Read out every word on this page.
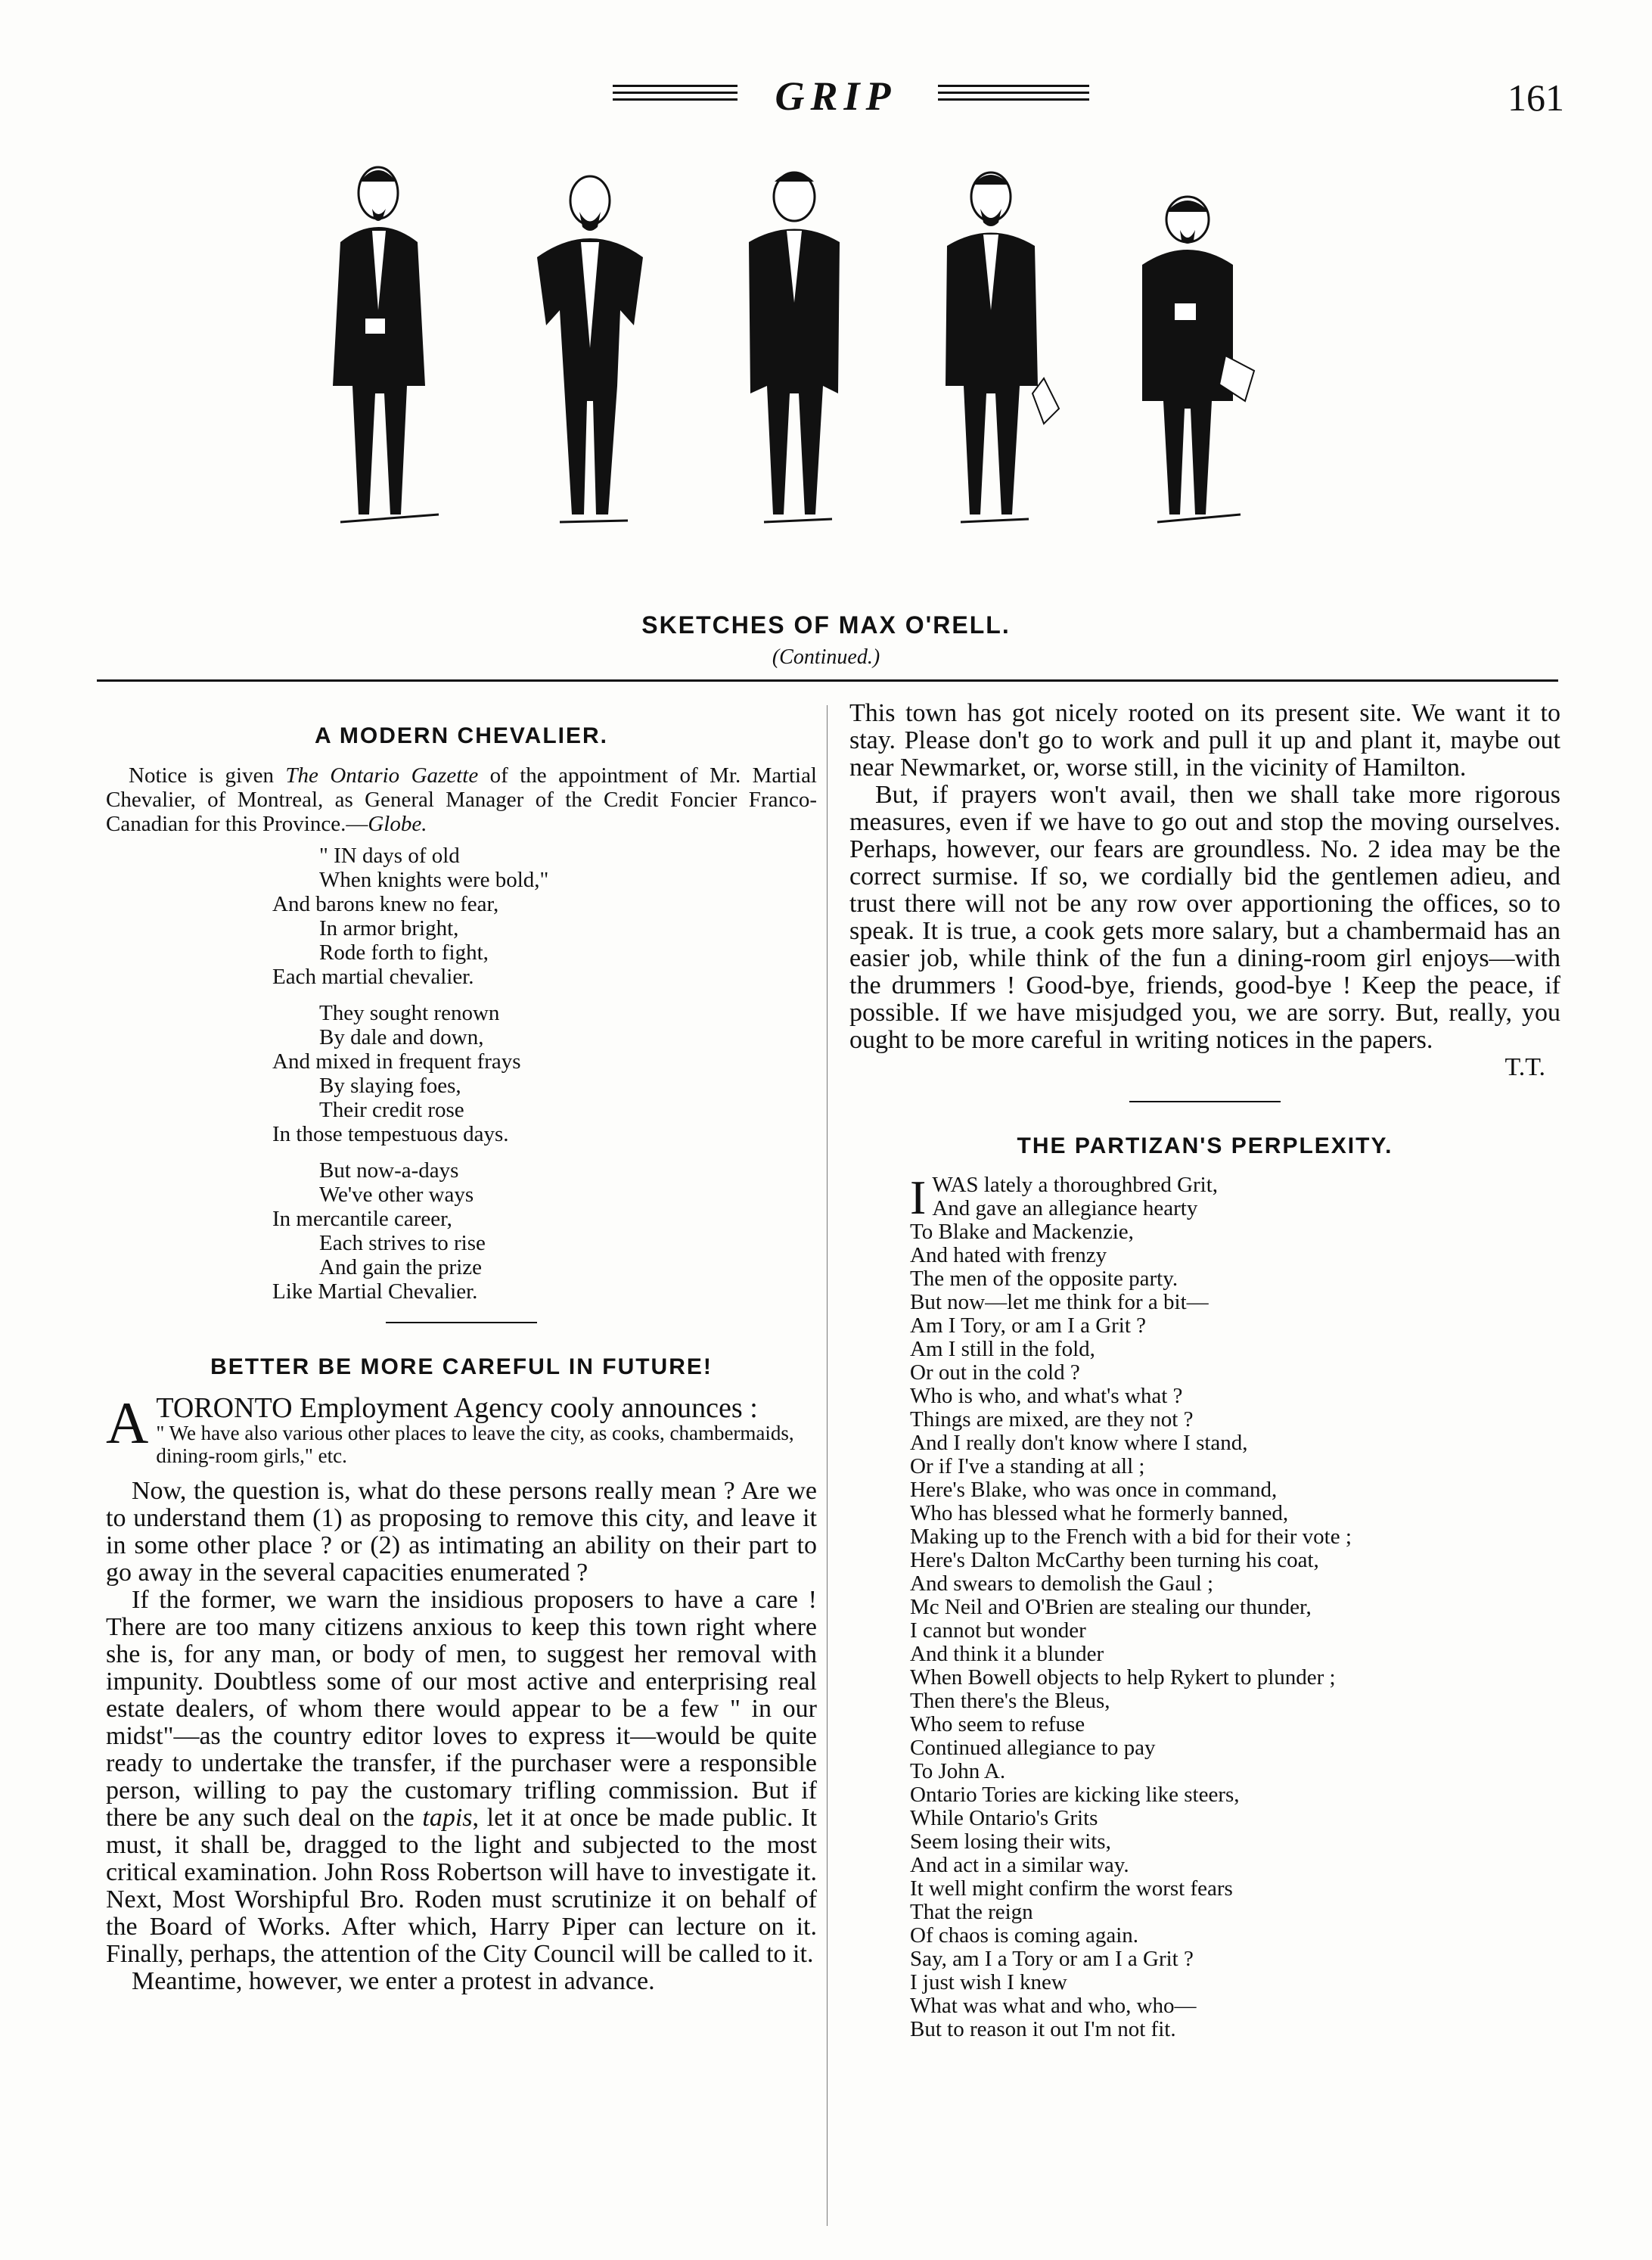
GRIP	161
SKETCHES OF MAX O'RELL.
(Continued.)
A MODERN CHEVALIER.

Notice is given The Ontario Gazette of the appointment of Mr. Martial Chevalier, of Montreal, as General Manager of the Credit Foncier Franco-Canadian for this Province.—Globe.

" IN days of old
When knights were bold,"
And barons knew no fear,
In armor bright,
Rode forth to fight,
Each martial chevalier.
They sought renown
By dale and down,
And mixed in frequent frays
By slaying foes,
Their credit rose
In those tempestuous days.
But now-a-days
We've other ways
In mercantile career,
Each strives to rise
And gain the prize
Like Martial Chevalier.
BETTER BE MORE CAREFUL IN FUTURE!
A TORONTO Employment Agency cooly announces :
" We have also various other places to leave the city, as cooks, chambermaids, dining-room girls," etc.

Now, the question is, what do these persons really mean ? Are we to understand them (1) as proposing to remove this city, and leave it in some other place ? or (2) as intimating an ability on their part to go away in the several capacities enumerated ?

If the former, we warn the insidious proposers to have a care ! There are too many citizens anxious to keep this town right where she is, for any man, or body of men, to suggest her removal with impunity. Doubtless some of our most active and enterprising real estate dealers, of whom there would appear to be a few " in our midst"—as the country editor loves to express it—would be quite ready to undertake the transfer, if the purchaser were a responsible person, willing to pay the customary trifling commission. But if there be any such deal on the tapis, let it at once be made public. It must, it shall be, dragged to the light and subjected to the most critical examination. John Ross Robertson will have to investigate it. Next, Most Worshipful Bro. Roden must scrutinize it on behalf of the Board of Works. After which, Harry Piper can lecture on it. Finally, perhaps, the attention of the City Council will be called to it.

Meantime, however, we enter a protest in advance.

This town has got nicely rooted on its present site. We want it to stay. Please don't go to work and pull it up and plant it, maybe out near Newmarket, or, worse still, in the vicinity of Hamilton.

But, if prayers won't avail, then we shall take more rigorous measures, even if we have to go out and stop the moving ourselves. Perhaps, however, our fears are groundless. No. 2 idea may be the correct surmise. If so, we cordially bid the gentlemen adieu, and trust there will not be any row over apportioning the offices, so to speak. It is true, a cook gets more salary, but a chambermaid has an easier job, while think of the fun a dining-room girl enjoys—with the drummers ! Good-bye, friends, good-bye ! Keep the peace, if possible. If we have misjudged you, we are sorry. But, really, you ought to be more careful in writing notices in the papers.

T.T.
THE PARTIZAN'S PERPLEXITY.
I WAS lately a thoroughbred Grit,
And gave an allegiance hearty
To Blake and Mackenzie,
And hated with frenzy
The men of the opposite party.
But now—let me think for a bit—
Am I Tory, or am I a Grit ?
Am I still in the fold,
Or out in the cold ?
Who is who, and what's what ?
Things are mixed, are they not ?
And I really don't know where I stand,
Or if I've a standing at all ;
Here's Blake, who was once in command,
Who has blessed what he formerly banned,
Making up to the French with a bid for their vote ;
Here's Dalton McCarthy been turning his coat,
And swears to demolish the Gaul ;
Mc Neil and O'Brien are stealing our thunder,
I cannot but wonder
And think it a blunder
When Bowell objects to help Rykert to plunder ;
Then there's the Bleus,
Who seem to refuse
Continued allegiance to pay
To John A.
Ontario Tories are kicking like steers,
While Ontario's Grits
Seem losing their wits,
And act in a similar way.
It well might confirm the worst fears
That the reign
Of chaos is coming again.
Say, am I a Tory or am I a Grit ?
I just wish I knew
What was what and who, who—
But to reason it out I'm not fit.
